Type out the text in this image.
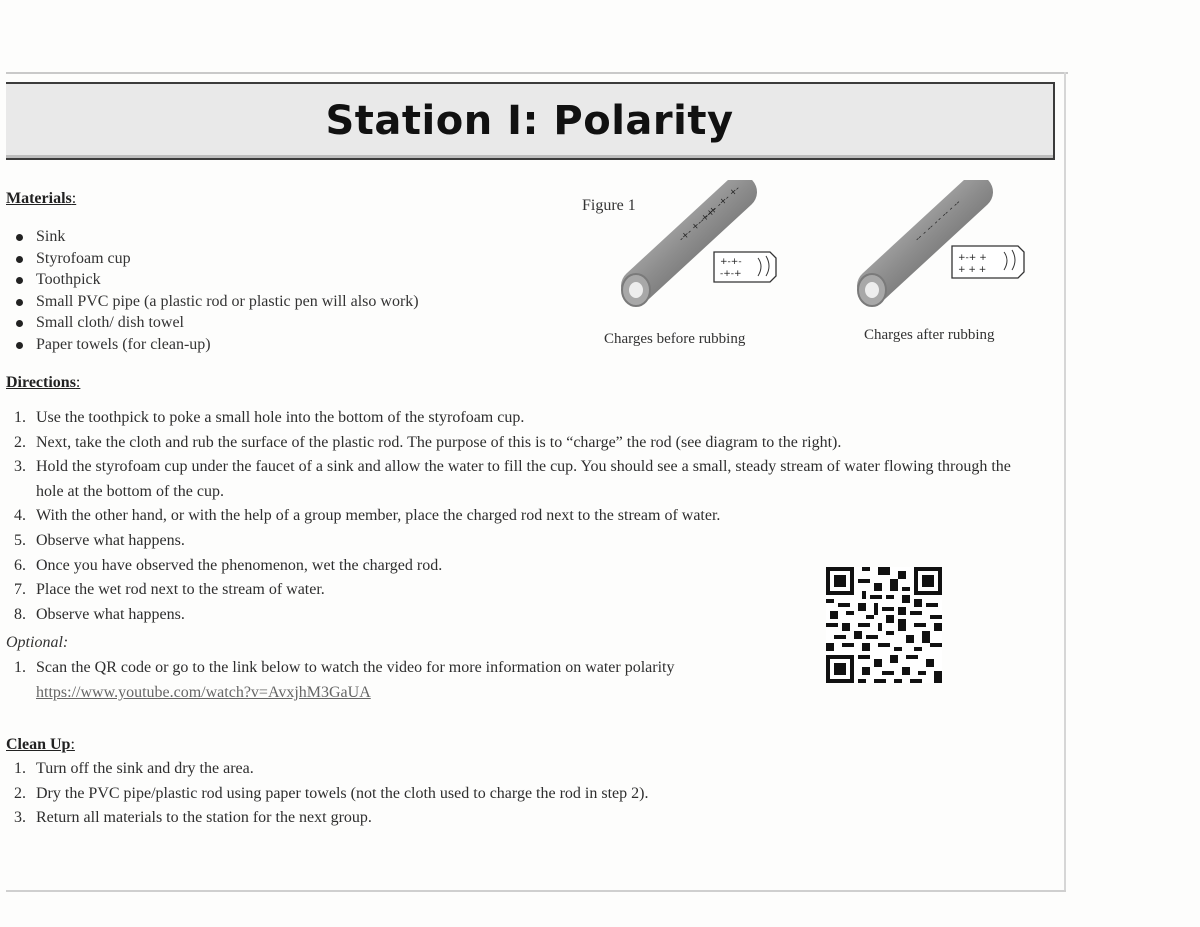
Station I: Polarity
Materials:
Sink
Styrofoam cup
Toothpick
Small PVC pipe (a plastic rod or plastic pen will also work)
Small cloth/ dish towel
Paper towels (for clean-up)
Figure 1	-+- +-- -+-
+-+ -+- +-
+-+-
-+-+
Charges before rubbing
-- - -- -
- -- - --
+-+ +
+ + +
Charges after rubbing
Directions:
1. Use the toothpick to poke a small hole into the bottom of the styrofoam cup.
2. Next, take the cloth and rub the surface of the plastic rod. The purpose of this is to “charge” the rod (see diagram to the right).
3. Hold the styrofoam cup under the faucet of a sink and allow the water to fill the cup. You should see a small, steady stream of water flowing through the hole at the bottom of the cup.
4. With the other hand, or with the help of a group member, place the charged rod next to the stream of water.
5. Observe what happens.
6. Once you have observed the phenomenon, wet the charged rod.
7. Place the wet rod next to the stream of water.
8. Observe what happens.
Optional:
1. Scan the QR code or go to the link below to watch the video for more information on water polarity
https://www.youtube.com/watch?v=AvxjhM3GaUA
Clean Up:
1. Turn off the sink and dry the area.
2. Dry the PVC pipe/plastic rod using paper towels (not the cloth used to charge the rod in step 2).
3. Return all materials to the station for the next group.
